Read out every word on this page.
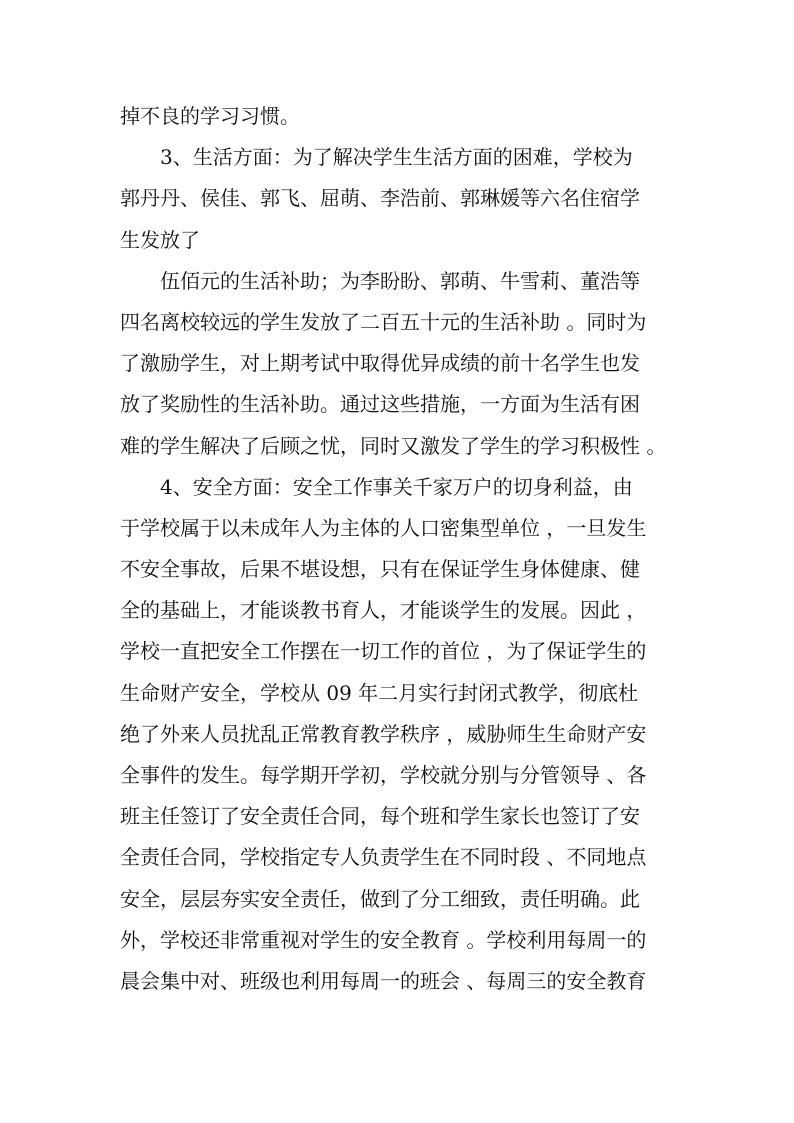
掉不良的学习习惯。
3、生活方面：为了解决学生生活方面的困难，学校为
郭丹丹、侯佳、郭飞、屈萌、李浩前、郭琳媛等六名住宿学
生发放了
伍佰元的生活补助；为李盼盼、郭萌、牛雪莉、董浩等
四名离校较远的学生发放了二百五十元的生活补助 。同时为
了激励学生，对上期考试中取得优异成绩的前十名学生也发
放了奖励性的生活补助。通过这些措施，一方面为生活有困
难的学生解决了后顾之忧，同时又激发了学生的学习积极性 。
4、安全方面：安全工作事关千家万户的切身利益，由
于学校属于以未成年人为主体的人口密集型单位 ，一旦发生
不安全事故，后果不堪设想，只有在保证学生身体健康、健
全的基础上，才能谈教书育人，才能谈学生的发展。因此 ，
学校一直把安全工作摆在一切工作的首位 ，为了保证学生的
生命财产安全，学校从 09 年二月实行封闭式教学，彻底杜
绝了外来人员扰乱正常教育教学秩序 ，威胁师生生命财产安
全事件的发生。每学期开学初，学校就分别与分管领导 、各
班主任签订了安全责任合同，每个班和学生家长也签订了安
全责任合同，学校指定专人负责学生在不同时段 、不同地点
安全，层层夯实安全责任，做到了分工细致，责任明确。此
外，学校还非常重视对学生的安全教育 。学校利用每周一的
晨会集中对、班级也利用每周一的班会 、每周三的安全教育
